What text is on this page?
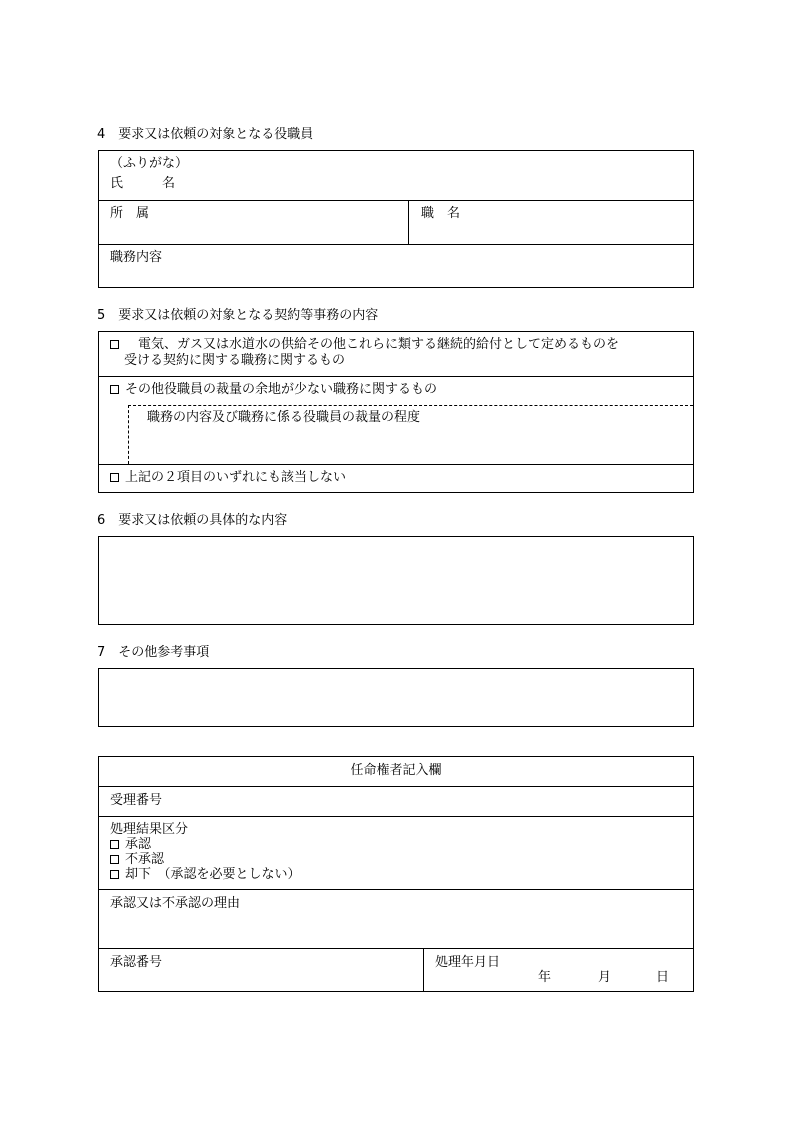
4　要求又は依頼の対象となる役職員
（ふりがな）
氏　　　名
所　属	職　名
職務内容
5　要求又は依頼の対象となる契約等事務の内容
　電気、ガス又は水道水の供給その他これらに類する継続的給付として定めるものを
受ける契約に関する職務に関するもの
その他役職員の裁量の余地が少ない職務に関するもの
職務の内容及び職務に係る役職員の裁量の程度
上記の２項目のいずれにも該当しない
6　要求又は依頼の具体的な内容
7　その他参考事項
任命権者記入欄
受理番号
処理結果区分
承認
不承認
却下　（承認を必要としない）
承認又は不承認の理由
承認番号	処理年月日
年	月	日
